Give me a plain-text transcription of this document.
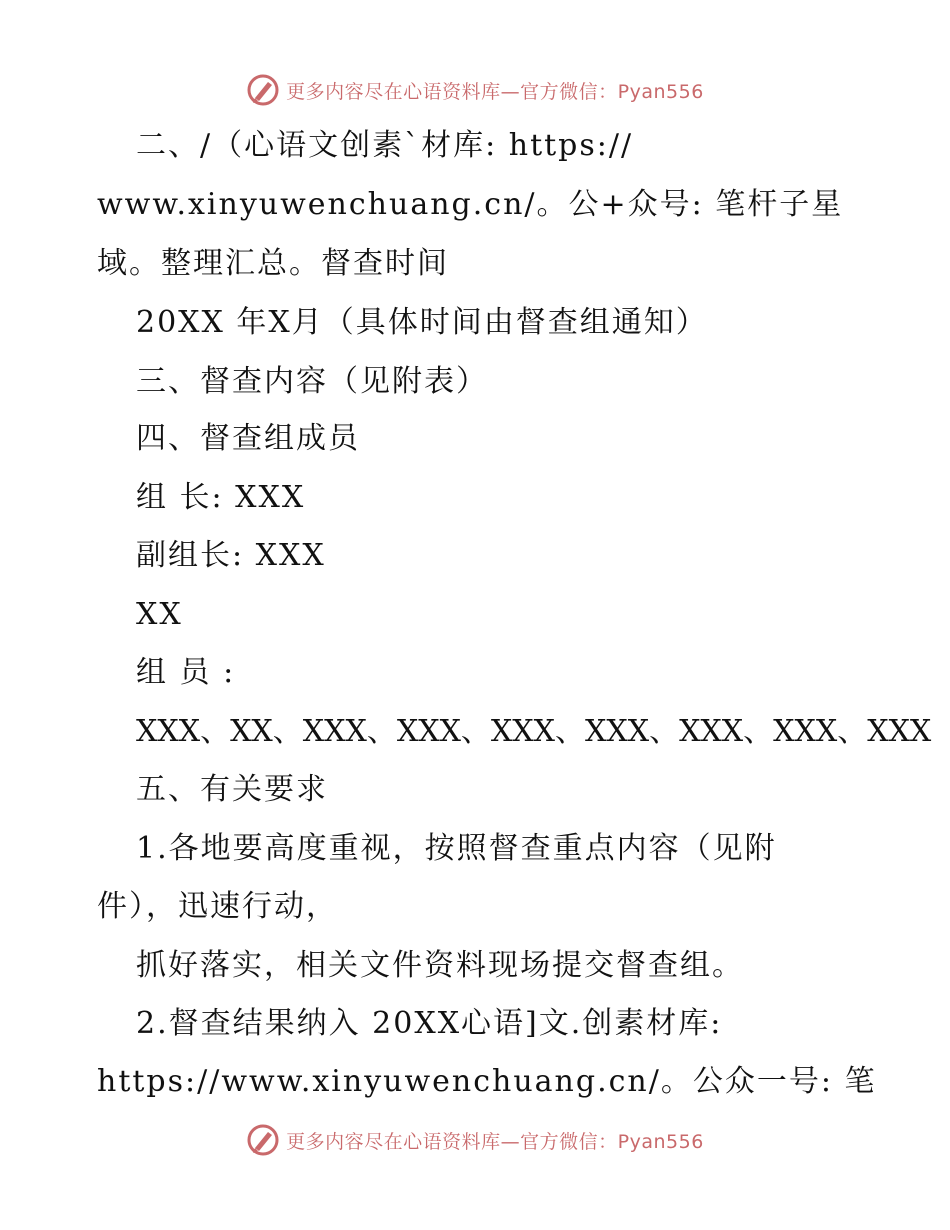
更多内容尽在心语资料库—官方微信：Pyan556
二、/（心语文创素`材库: https://
www.xinyuwenchuang.cn/。公+众号: 笔杆子星
域。整理汇总。督查时间
20XX 年X月（具体时间由督查组通知）
三、督查内容（见附表）
四、督查组成员
组 长: XXX
副组长: XXX
XX
组 员 :
XXX、XX、XXX、XXX、XXX、XXX、XXX、XXX、XXX
五、有关要求
1.各地要高度重视，按照督查重点内容（见附
件），迅速行动，
抓好落实，相关文件资料现场提交督查组。
2.督查结果纳入 20XX心语]文.创素材库:
https://www.xinyuwenchuang.cn/。公众一号: 笔
更多内容尽在心语资料库—官方微信：Pyan556
